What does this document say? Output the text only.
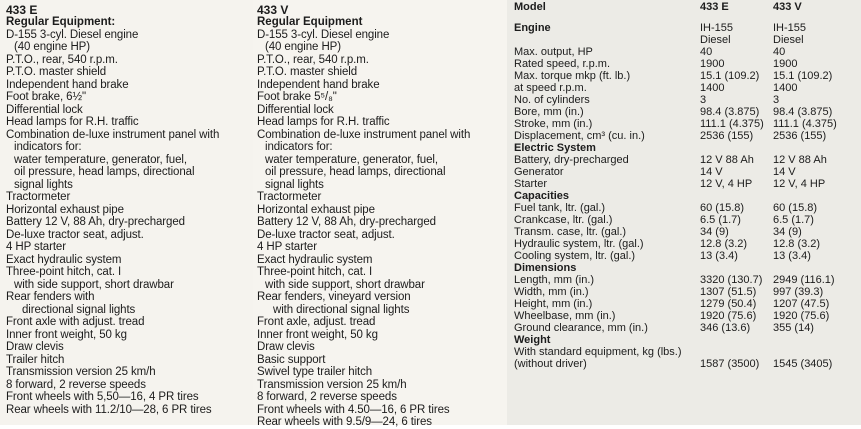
433 E
Regular Equipment:
D-155 3-cyl. Diesel engine
(40 engine HP)
P.T.O., rear, 540 r.p.m.
P.T.O. master shield
Independent hand brake
Foot brake, 6½"
Differential lock
Head lamps for R.H. traffic
Combination de-luxe instrument panel with
indicators for:
water temperature, generator, fuel,
oil pressure, head lamps, directional
signal lights
Tractormeter
Horizontal exhaust pipe
Battery 12 V, 88 Ah, dry-precharged
De-luxe tractor seat, adjust.
4 HP starter
Exact hydraulic system
Three-point hitch, cat. I
with side support, short drawbar
Rear fenders with
directional signal lights
Front axle with adjust. tread
Inner front weight, 50 kg
Draw clevis
Trailer hitch
Transmission version 25 km/h
8 forward, 2 reverse speeds
Front wheels with 5,50—16, 4 PR tires
Rear wheels with 11.2/10—28, 6 PR tires
433 V
Regular Equipment
D-155 3-cyl. Diesel engine
(40 engine HP)
P.T.O., rear, 540 r.p.m.
P.T.O. master shield
Independent hand brake
Foot brake 5⁵/₈"
Differential lock
Head lamps for R.H. traffic
Combination de-luxe instrument panel with
indicators for:
water temperature, generator, fuel,
oil pressure, head lamps, directional
signal lights
Tractormeter
Horizontal exhaust pipe
Battery 12 V, 88 Ah, dry-precharged
De-luxe tractor seat, adjust.
4 HP starter
Exact hydraulic system
Three-point hitch, cat. I
with side support, short drawbar
Rear fenders, vineyard version
with directional signal lights
Front axle, adjust. tread
Inner front weight, 50 kg
Draw clevis
Basic support
Swivel type trailer hitch
Transmission version 25 km/h
8 forward, 2 reverse speeds
Front wheels with 4.50—16, 6 PR tires
Rear wheels with 9.5/9—24, 6 tires
Model	433 E	433 V
Engine	IH-155	IH-155
Diesel	Diesel
Max. output, HP	40	40
Rated speed, r.p.m.	1900	1900
Max. torque mkp (ft. lb.)	15.1 (109.2) 15.1 (109.2)
at speed r.p.m.	1400	1400
No. of cylinders	3	3
Bore, mm (in.)	98.4 (3.875) 98.4 (3.875)
Stroke, mm (in.)	111.1 (4.375) 111.1 (4.375)
Displacement, cm³ (cu. in.)	2536 (155) 2536 (155)
Electric System
Battery, dry-precharged	12 V 88 Ah 12 V 88 Ah
Generator	14 V	14 V
Starter	12 V, 4 HP 12 V, 4 HP
Capacities
Fuel tank, ltr. (gal.)	60 (15.8)	60 (15.8)
Crankcase, ltr. (gal.)	6.5 (1.7)	6.5 (1.7)
Transm. case, ltr. (gal.)	34 (9)	34 (9)
Hydraulic system, ltr. (gal.)	12.8 (3.2) 12.8 (3.2)
Cooling system, ltr. (gal.)	13 (3.4)	13 (3.4)
Dimensions
Length, mm (in.)	3320 (130.7) 2949 (116.1)
Width, mm (in.)	1307 (51.5) 997 (39.3)
Height, mm (in.)	1279 (50.4) 1207 (47.5)
Wheelbase, mm (in.)	1920 (75.6) 1920 (75.6)
Ground clearance, mm (in.)	346 (13.6) 355 (14)
Weight
With standard equipment, kg (lbs.)
(without driver)	1587 (3500) 1545 (3405)
